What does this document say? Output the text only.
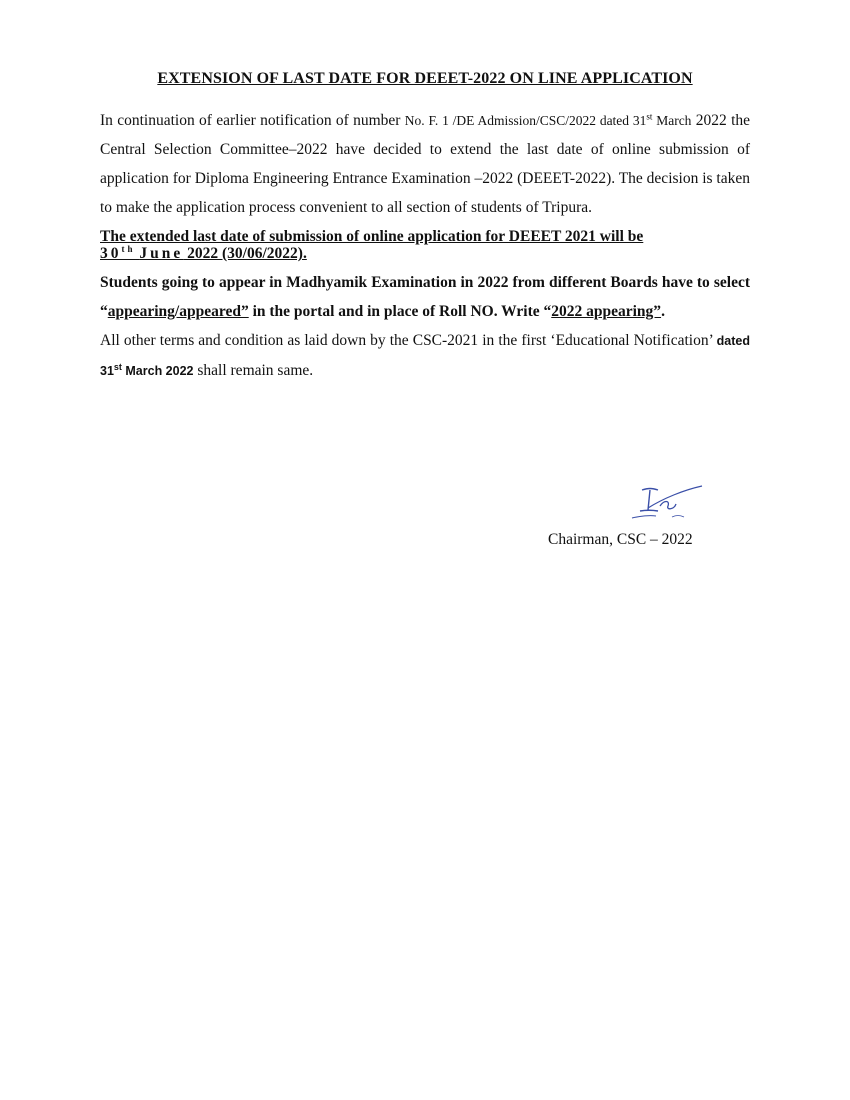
EXTENSION OF LAST DATE FOR DEEET-2022 ON LINE APPLICATION

In continuation of earlier notification of number No. F. 1 /DE Admission/CSC/2022 dated 31st March 2022 the Central Selection Committee–2022 have decided to extend the last date of online submission of application for Diploma Engineering Entrance Examination –2022 (DEEET-2022). The decision is taken to make the application process convenient to all section of students of Tripura.

The extended last date of submission of online application for DEEET 2021 will be
30th June 2022 (30/06/2022).

Students going to appear in Madhyamik Examination in 2022 from different Boards have to select “appearing/appeared” in the portal and in place of Roll NO. Write “2022 appearing”.

All other terms and condition as laid down by the CSC-2021 in the first ‘Educational Notification’ dated 31st March 2022 shall remain same.

Chairman, CSC – 2022
